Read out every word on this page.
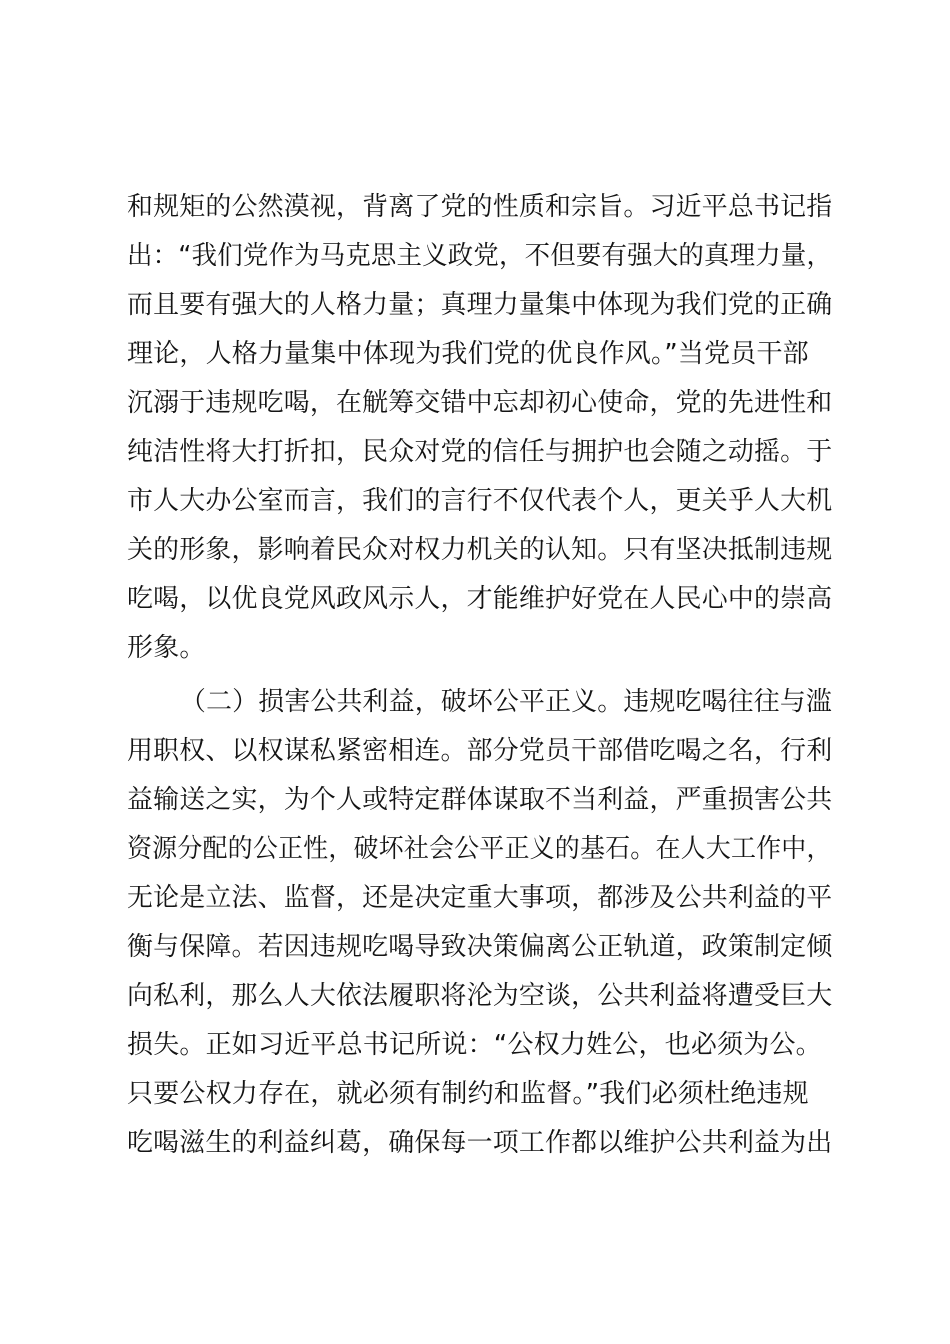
和规矩的公然漠视，背离了党的性质和宗旨。习近平总书记指

出：“我们党作为马克思主义政党，不但要有强大的真理力量，

而且要有强大的人格力量；真理力量集中体现为我们党的正确

理论，人格力量集中体现为我们党的优良作风。”当党员干部

沉溺于违规吃喝，在觥筹交错中忘却初心使命，党的先进性和

纯洁性将大打折扣，民众对党的信任与拥护也会随之动摇。于

市人大办公室而言，我们的言行不仅代表个人，更关乎人大机

关的形象，影响着民众对权力机关的认知。只有坚决抵制违规

吃喝，以优良党风政风示人，才能维护好党在人民心中的崇高

形象。

（二）损害公共利益，破坏公平正义。违规吃喝往往与滥

用职权、以权谋私紧密相连。部分党员干部借吃喝之名，行利

益输送之实，为个人或特定群体谋取不当利益，严重损害公共

资源分配的公正性，破坏社会公平正义的基石。在人大工作中，

无论是立法、监督，还是决定重大事项，都涉及公共利益的平

衡与保障。若因违规吃喝导致决策偏离公正轨道，政策制定倾

向私利，那么人大依法履职将沦为空谈，公共利益将遭受巨大

损失。正如习近平总书记所说：“公权力姓公，也必须为公。

只要公权力存在，就必须有制约和监督。”我们必须杜绝违规

吃喝滋生的利益纠葛，确保每一项工作都以维护公共利益为出
